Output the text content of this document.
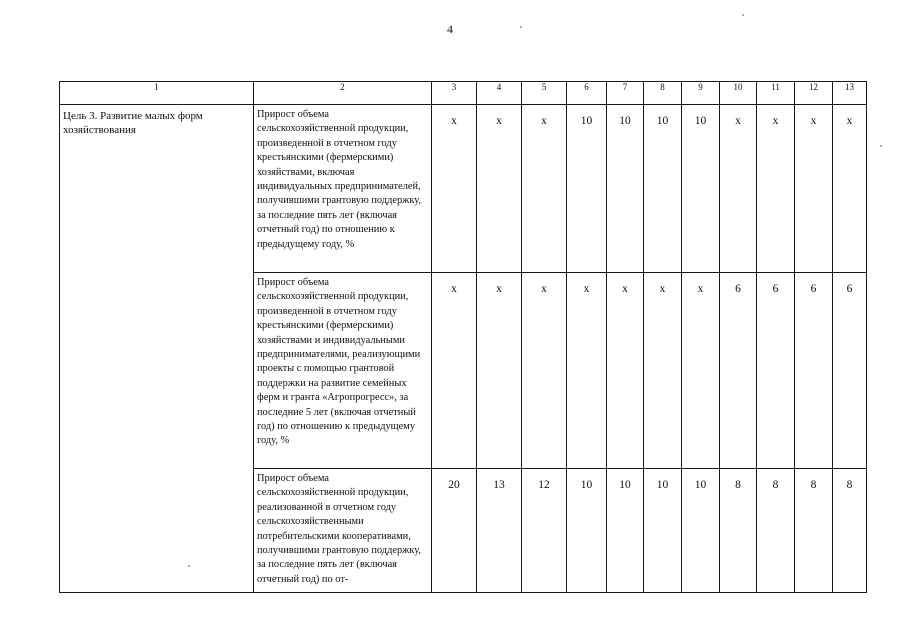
4
1	2	3	4	5	6	7	8	9	10	11	12	13
Цель 3. Развитие малых форм хозяйствования	Прирост объема сельскохозяйственной продукции, произведенной в отчетном году крестьянскими (фермерскими) хозяйствами, включая индивидуальных предпринимателей, получившими грантовую поддержку, за последние пять лет (включая отчетный год) по отношению к предыдущему году, %	x	x	x	10	10	10	10	x	x	x	x
	Прирост объема сельскохозяйственной продукции, произведенной в отчетном году крестьянскими (фермерскими) хозяйствами и индивидуальными предпринимателями, реализующими проекты с помощью грантовой поддержки на развитие семейных ферм и гранта «Агропрогресс», за последние 5 лет (включая отчетный год) по отношению к предыдущему году, %	x	x	x	x	x	x	x	6	6	6	6
	Прирост объема сельскохозяйственной продукции, реализованной в отчетном году сельскохозяйственными потребительскими кооперативами, получившими грантовую поддержку, за последние пять лет (включая отчетный год) по от-	20	13	12	10	10	10	10	8	8	8	8
